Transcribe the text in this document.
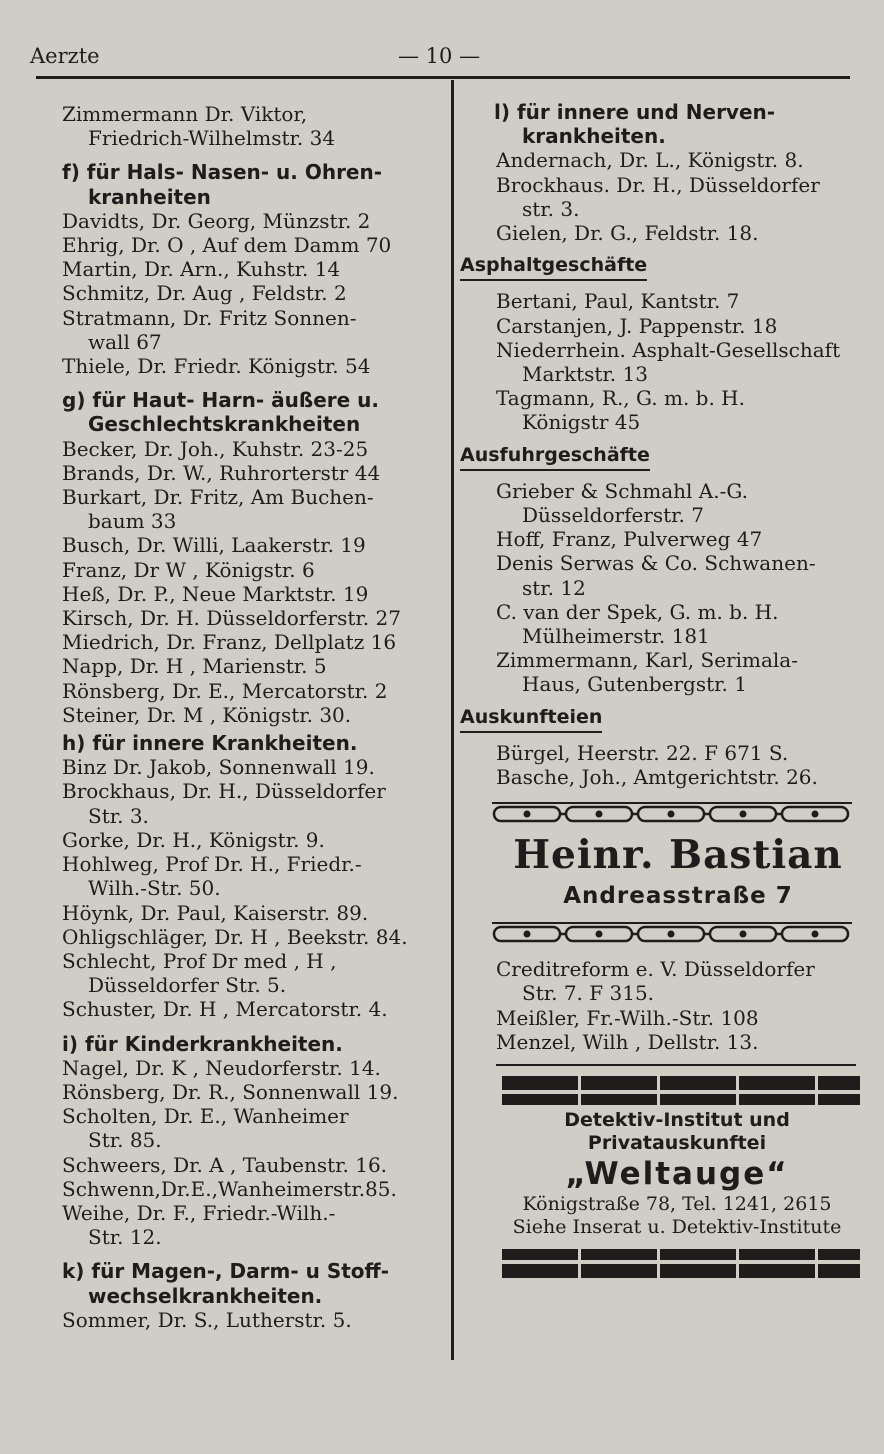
Aerzte	— 10 —
Zimmermann Dr. Viktor,
Friedrich-Wilhelmstr. 34
f) für Hals- Nasen- u. Ohren-
kranheiten
Davidts, Dr. Georg, Münzstr. 2
Ehrig, Dr. O , Auf dem Damm 70
Martin, Dr. Arn., Kuhstr. 14
Schmitz, Dr. Aug , Feldstr. 2
Stratmann, Dr. Fritz Sonnen-
wall 67
Thiele, Dr. Friedr. Königstr. 54
g) für Haut- Harn- äußere u.
Geschlechtskrankheiten
Becker, Dr. Joh., Kuhstr. 23-25
Brands, Dr. W., Ruhrorterstr 44
Burkart, Dr. Fritz, Am Buchen-
baum 33
Busch, Dr. Willi, Laakerstr. 19
Franz, Dr W , Königstr. 6
Heß, Dr. P., Neue Marktstr. 19
Kirsch, Dr. H. Düsseldorferstr. 27
Miedrich, Dr. Franz, Dellplatz 16
Napp, Dr. H , Marienstr. 5
Rönsberg, Dr. E., Mercatorstr. 2
Steiner, Dr. M , Königstr. 30.
h) für innere Krankheiten.
Binz Dr. Jakob, Sonnenwall 19.
Brockhaus, Dr. H., Düsseldorfer
Str. 3.
Gorke, Dr. H., Königstr. 9.
Hohlweg, Prof Dr. H., Friedr.-
Wilh.-Str. 50.
Höynk, Dr. Paul, Kaiserstr. 89.
Ohligschläger, Dr. H , Beekstr. 84.
Schlecht, Prof Dr med , H ,
Düsseldorfer Str. 5.
Schuster, Dr. H , Mercatorstr. 4.
i) für Kinderkrankheiten.
Nagel, Dr. K , Neudorferstr. 14.
Rönsberg, Dr. R., Sonnenwall 19.
Scholten, Dr. E., Wanheimer
Str. 85.
Schweers, Dr. A , Taubenstr. 16.
Schwenn,Dr.E.,Wanheimerstr.85.
Weihe, Dr. F., Friedr.-Wilh.-
Str. 12.
k) für Magen-, Darm- u Stoff-
wechselkrankheiten.
Sommer, Dr. S., Lutherstr. 5.
l) für innere und Nerven-
krankheiten.
Andernach, Dr. L., Königstr. 8.
Brockhaus. Dr. H., Düsseldorfer
str. 3.
Gielen, Dr. G., Feldstr. 18.
Asphaltgeschäfte
Bertani, Paul, Kantstr. 7
Carstanjen, J. Pappenstr. 18
Niederrhein. Asphalt-Gesellschaft
Marktstr. 13
Tagmann, R., G. m. b. H.
Königstr 45
Ausfuhrgeschäfte
Grieber & Schmahl A.-G.
Düsseldorferstr. 7
Hoff, Franz, Pulverweg 47
Denis Serwas & Co. Schwanen-
str. 12
C. van der Spek, G. m. b. H.
Mülheimerstr. 181
Zimmermann, Karl, Serimala-
Haus, Gutenbergstr. 1
Auskunfteien
Bürgel, Heerstr. 22. F 671 S.
Basche, Joh., Amtgerichtstr. 26.
Heinr. Bastian
Andreasstraße 7
Creditreform e. V. Düsseldorfer
Str. 7. F 315.
Meißler, Fr.-Wilh.-Str. 108
Menzel, Wilh , Dellstr. 13.
Detektiv-Institut und
Privatauskunftei
„Weltauge“
Königstraße 78, Tel. 1241, 2615
Siehe Inserat u. Detektiv-Institute
